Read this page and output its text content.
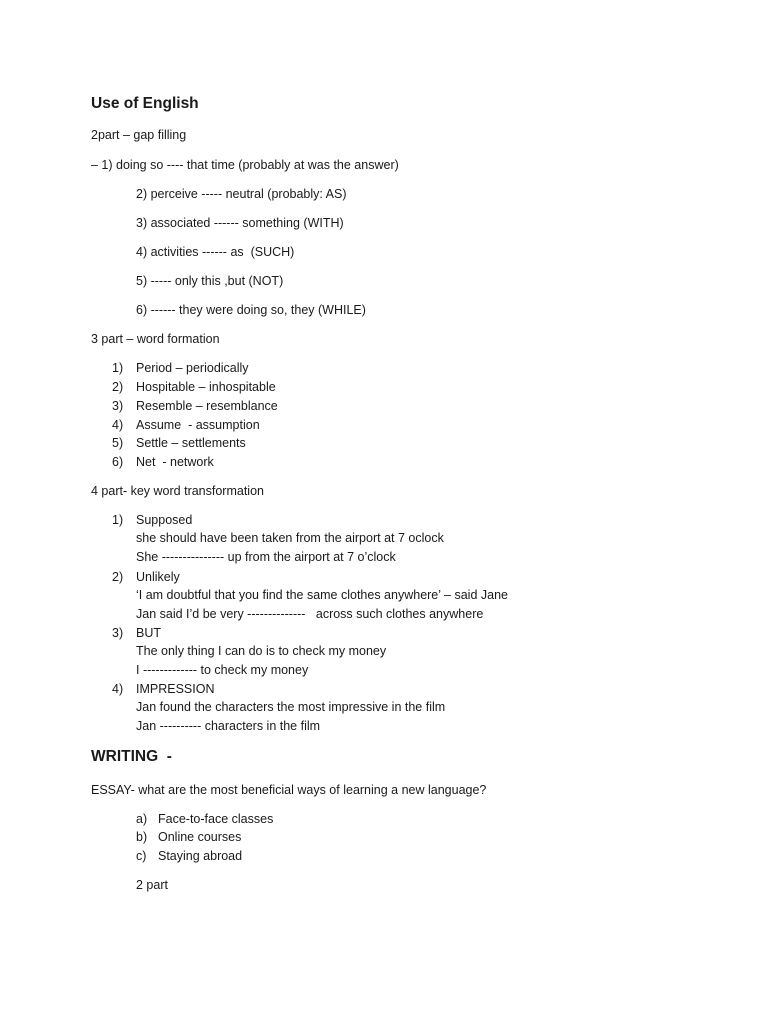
Use of English
2part – gap filling
– 1) doing so ---- that time (probably at was the answer)
2) perceive ----- neutral (probably: AS)
3) associated ------ something (WITH)
4) activities ------ as  (SUCH)
5) ----- only this ,but (NOT)
6) ------ they were doing so, they (WHILE)
3 part – word formation
1) Period – periodically
2) Hospitable – inhospitable
3) Resemble – resemblance
4) Assume  - assumption
5) Settle – settlements
6) Net  - network
4 part- key word transformation
1) Supposed
she should have been taken from the airport at 7 oclock
She --------------- up from the airport at 7 o’clock
2) Unlikely
‘I am doubtful that you find the same clothes anywhere’ – said Jane
Jan said I’d be very --------------   across such clothes anywhere
3) BUT
The only thing I can do is to check my money
I ------------- to check my money
4) IMPRESSION
Jan found the characters the most impressive in the film
Jan ---------- characters in the film
WRITING  -
ESSAY- what are the most beneficial ways of learning a new language?
a) Face-to-face classes
b) Online courses
c) Staying abroad
2 part
